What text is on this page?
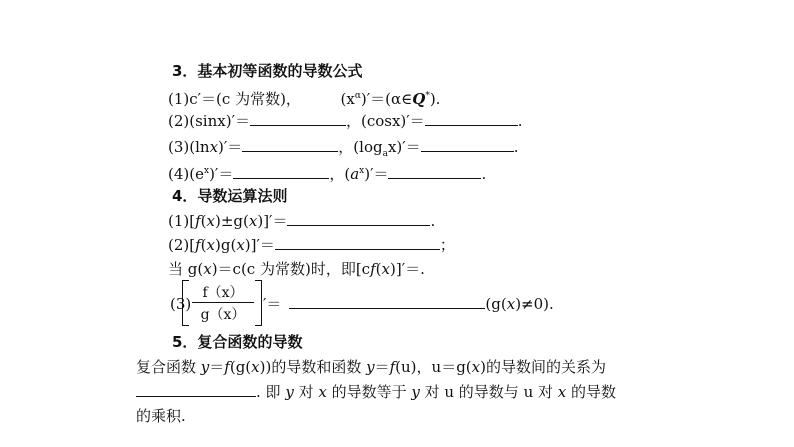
3．基本初等函数的导数公式
(1)c′＝(c 为常数)，	$(x^\alpha)'=(\alpha\in Q^*)$.
(2)(sinx)′＝	，(cosx)′＝	.
(3)(lnx)′＝	，$(\log_ax)'=$	.
$(4)(e^x)'=$	，$(a^x)'=$	.
4．导数运算法则
(1)[f(x)±g(x)]′＝	.
(2)[f(x)g(x)]′＝	；
当 g(x)＝c(c 为常数)时，即[cf(x)]′＝.
(3)
f（x）
g（x）
′＝	(g(x)≠0).
5．复合函数的导数
复合函数 y＝f(g(x))的导数和函数 y＝f(u)，u＝g(x)的导数间的关系为
. 即 y 对 x 的导数等于 y 对 u 的导数与 u 对 x 的导数
的乘积.
